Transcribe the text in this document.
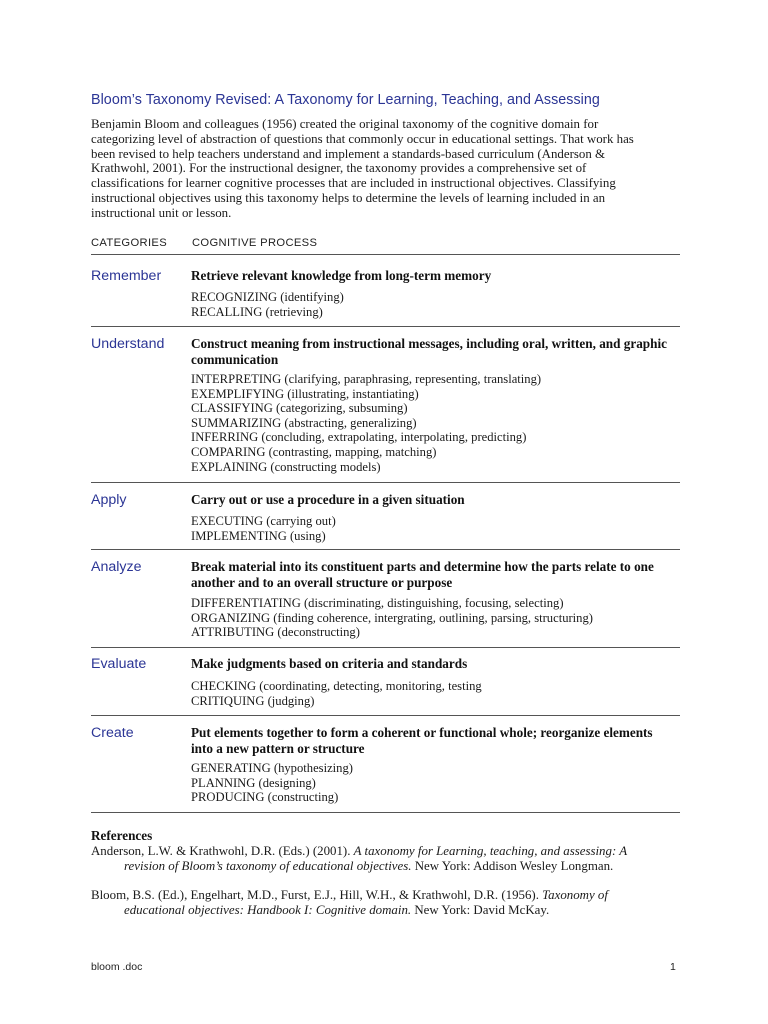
Bloom’s Taxonomy Revised: A Taxonomy for Learning, Teaching, and Assessing
Benjamin Bloom and colleagues (1956) created the original taxonomy of the cognitive domain for categorizing level of abstraction of questions that commonly occur in educational settings. That work has been revised to help teachers understand and implement a standards-based curriculum (Anderson & Krathwohl, 2001). For the instructional designer, the taxonomy provides a comprehensive set of classifications for learner cognitive processes that are included in instructional objectives. Classifying instructional objectives using this taxonomy helps to determine the levels of learning included in an instructional unit or lesson.
CATEGORIES COGNITIVE PROCESS
Remember Retrieve relevant knowledge from long-term memory
RECOGNIZING (identifying)
RECALLING (retrieving)
Understand Construct meaning from instructional messages, including oral, written, and graphic communication
INTERPRETING (clarifying, paraphrasing, representing, translating)
EXEMPLIFYING (illustrating, instantiating)
CLASSIFYING (categorizing, subsuming)
SUMMARIZING (abstracting, generalizing)
INFERRING (concluding, extrapolating, interpolating, predicting)
COMPARING (contrasting, mapping, matching)
EXPLAINING (constructing models)
Apply	Carry out or use a procedure in a given situation
EXECUTING (carrying out)
IMPLEMENTING (using)
Analyze	Break material into its constituent parts and determine how the parts relate to one another and to an overall structure or purpose
DIFFERENTIATING (discriminating, distinguishing, focusing, selecting)
ORGANIZING (finding coherence, intergrating, outlining, parsing, structuring)
ATTRIBUTING (deconstructing)
Evaluate	Make judgments based on criteria and standards
CHECKING (coordinating, detecting, monitoring, testing
CRITIQUING (judging)
Create	Put elements together to form a coherent or functional whole; reorganize elements into a new pattern or structure
GENERATING (hypothesizing)
PLANNING (designing)
PRODUCING (constructing)
References
Anderson, L.W. & Krathwohl, D.R. (Eds.) (2001). A taxonomy for Learning, teaching, and assessing: A revision of Bloom’s taxonomy of educational objectives. New York: Addison Wesley Longman.
Bloom, B.S. (Ed.), Engelhart, M.D., Furst, E.J., Hill, W.H., & Krathwohl, D.R. (1956). Taxonomy of educational objectives: Handbook I: Cognitive domain. New York: David McKay.
bloom .doc	1
